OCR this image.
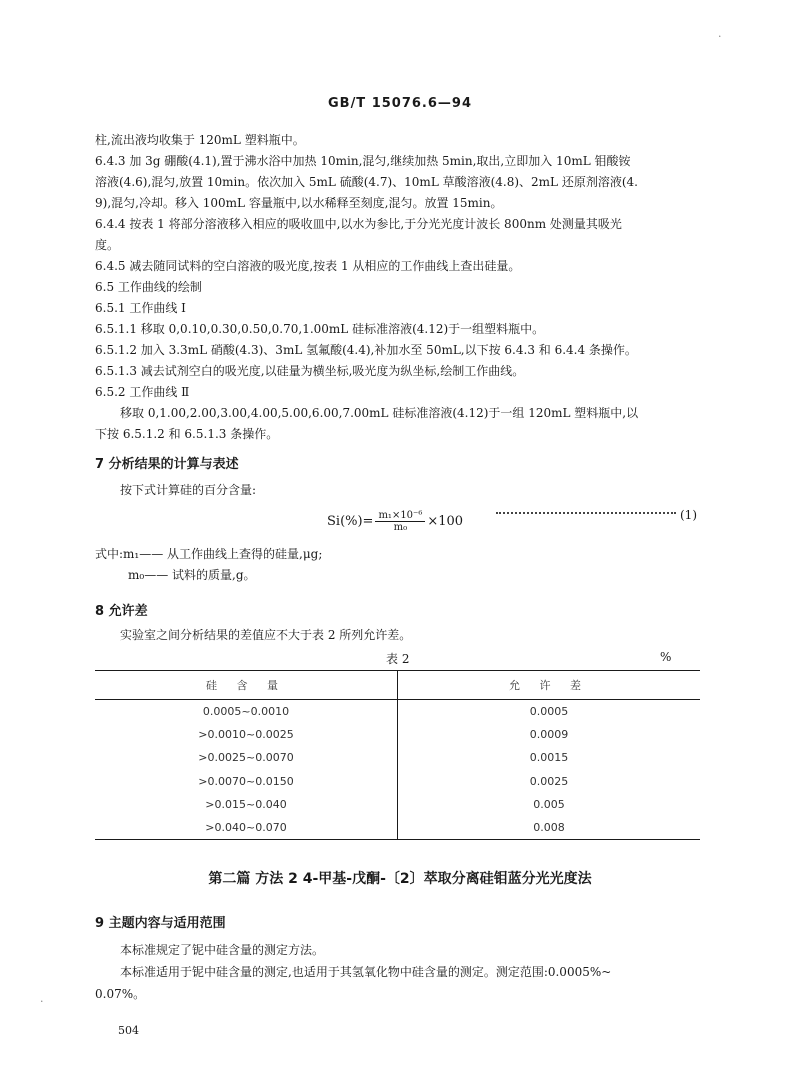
GB/T 15076.6—94
柱,流出液均收集于 120mL 塑料瓶中。
6.4.3 加 3g 硼酸(4.1),置于沸水浴中加热 10min,混匀,继续加热 5min,取出,立即加入 10mL 钼酸铵
溶液(4.6),混匀,放置 10min。依次加入 5mL 硫酸(4.7)、10mL 草酸溶液(4.8)、2mL 还原剂溶液(4.
9),混匀,冷却。移入 100mL 容量瓶中,以水稀释至刻度,混匀。放置 15min。
6.4.4 按表 1 将部分溶液移入相应的吸收皿中,以水为参比,于分光光度计波长 800nm 处测量其吸光
度。
6.4.5 减去随同试料的空白溶液的吸光度,按表 1 从相应的工作曲线上查出硅量。
6.5 工作曲线的绘制
6.5.1 工作曲线 Ⅰ
6.5.1.1 移取 0,0.10,0.30,0.50,0.70,1.00mL 硅标准溶液(4.12)于一组塑料瓶中。
6.5.1.2 加入 3.3mL 硝酸(4.3)、3mL 氢氟酸(4.4),补加水至 50mL,以下按 6.4.3 和 6.4.4 条操作。
6.5.1.3 减去试剂空白的吸光度,以硅量为横坐标,吸光度为纵坐标,绘制工作曲线。
6.5.2 工作曲线 Ⅱ
移取 0,1.00,2.00,3.00,4.00,5.00,6.00,7.00mL 硅标准溶液(4.12)于一组 120mL 塑料瓶中,以
下按 6.5.1.2 和 6.5.1.3 条操作。
7 分析结果的计算与表述
按下式计算硅的百分含量:
$Si(\%)= \frac{\text{m₁×10⁻⁶}}{\text{m₀}} \times 100$	(1)
式中:m₁—— 从工作曲线上查得的硅量,μg;
m₀—— 试料的质量,g。
8 允许差
实验室之间分析结果的差值应不大于表 2 所列允许差。
表 2	%
硅 含 量	允 许 差
0.0005~0.0010	0.0005
>0.0010~0.0025	0.0009
>0.0025~0.0070	0.0015
>0.0070~0.0150	0.0025
>0.015~0.040	0.005
>0.040~0.070	0.008
第二篇 方法 2 4-甲基-戊酮-〔2〕萃取分离硅钼蓝分光光度法
9 主题内容与适用范围
本标准规定了铌中硅含量的测定方法。
本标准适用于铌中硅含量的测定,也适用于其氢氧化物中硅含量的测定。测定范围:0.0005%~
0.07%。
504
·
·
